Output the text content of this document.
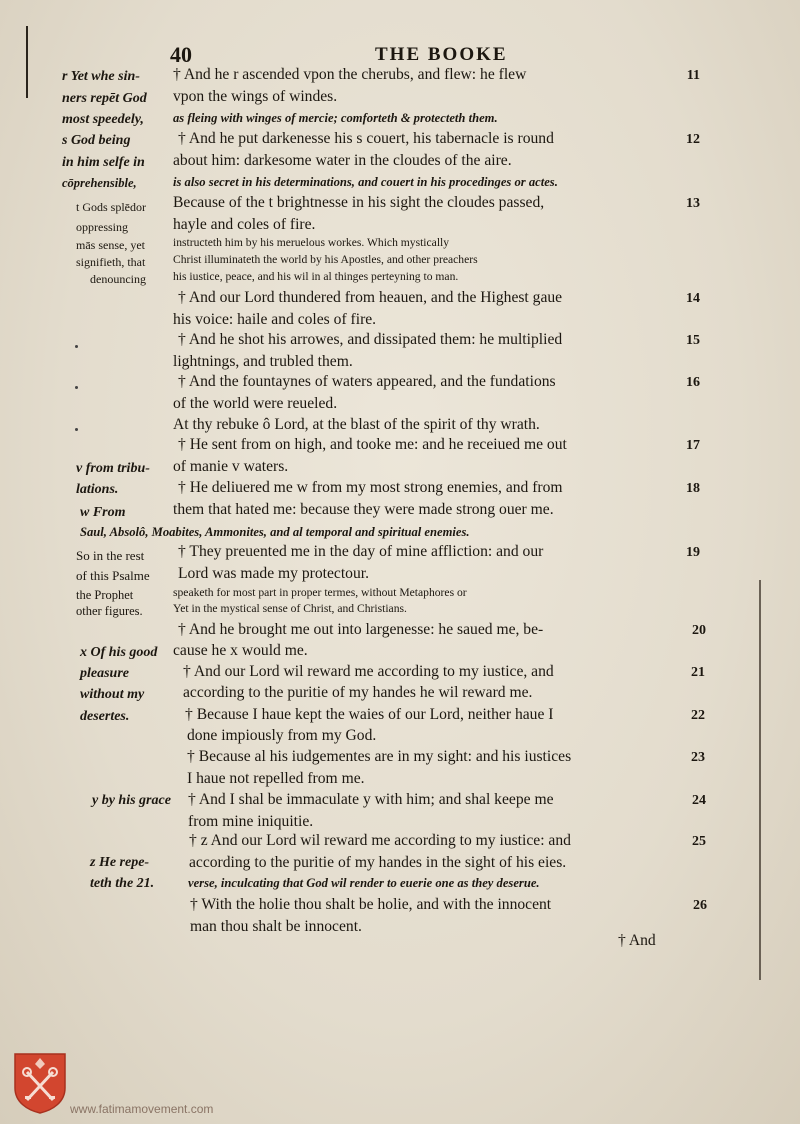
40	THE BOOKE
† And he r ascended vpon the cherubs, and flew: he flew
vpon the wings of windes.
as fleing with winges of mercie; comforteth & protecteth them.
† And he put darkenesse his s couert, his tabernacle is round
about him: darkesome water in the cloudes of the aire.
is also secret in his determinations, and couert in his procedinges or actes.
Because of the t brightnesse in his sight the cloudes passed,
hayle and coles of fire.
instructeth him by his meruelous workes. Which mystically
Christ illuminateth the world by his Apostles, and other preachers
his iustice, peace, and his wil in al thinges perteyning to man.
† And our Lord thundered from heauen, and the Highest gaue
his voice: haile and coles of fire.
† And he shot his arrowes, and dissipated them: he multiplied
lightnings, and trubled them.
† And the fountaynes of waters appeared, and the fundations
of the world were reueled.
At thy rebuke ô Lord, at the blast of the spirit of thy wrath.
† He sent from on high, and tooke me: and he receiued me out
of manie v waters.
† He deliuered me w from my most strong enemies, and from
them that hated me: because they were made strong ouer me.
Saul, Absolô, Moabites, Ammonites, and al temporal and spiritual enemies.
† They preuented me in the day of mine affliction: and our
Lord was made my protectour.
speaketh for most part in proper termes, without Metaphores or
Yet in the mystical sense of Christ, and Christians.
† And he brought me out into largenesse: he saued me, be-
cause he x would me.
† And our Lord wil reward me according to my iustice, and
according to the puritie of my handes he wil reward me.
† Because I haue kept the waies of our Lord, neither haue I
done impiously from my God.
† Because al his iudgementes are in my sight: and his iustices
I haue not repelled from me.
† And I shal be immaculate y with him; and shal keepe me
from mine iniquitie.
† z And our Lord wil reward me according to my iustice: and
according to the puritie of my handes in the sight of his eies.
verse, inculcating that God wil render to euerie one as they deserue.
† With the holie thou shalt be holie, and with the innocent
man thou shalt be innocent.
r Yet whe sin-
ners repēt God
most speedely,
s God being
in him selfe in
cōprehensible,
t Gods splēdor
oppressing
mās sense, yet
signifieth, that
denouncing
v from tribu-
lations.
w From
So in the rest
of this Psalme
the Prophet
other figures.
x Of his good
pleasure
without my
desertes.
y by his grace
z He repe-
teth the 21.
11
12
13
14
15
16
17
18
19
20
21
22
23
24
25
26
† And
www.fatimamovement.com
